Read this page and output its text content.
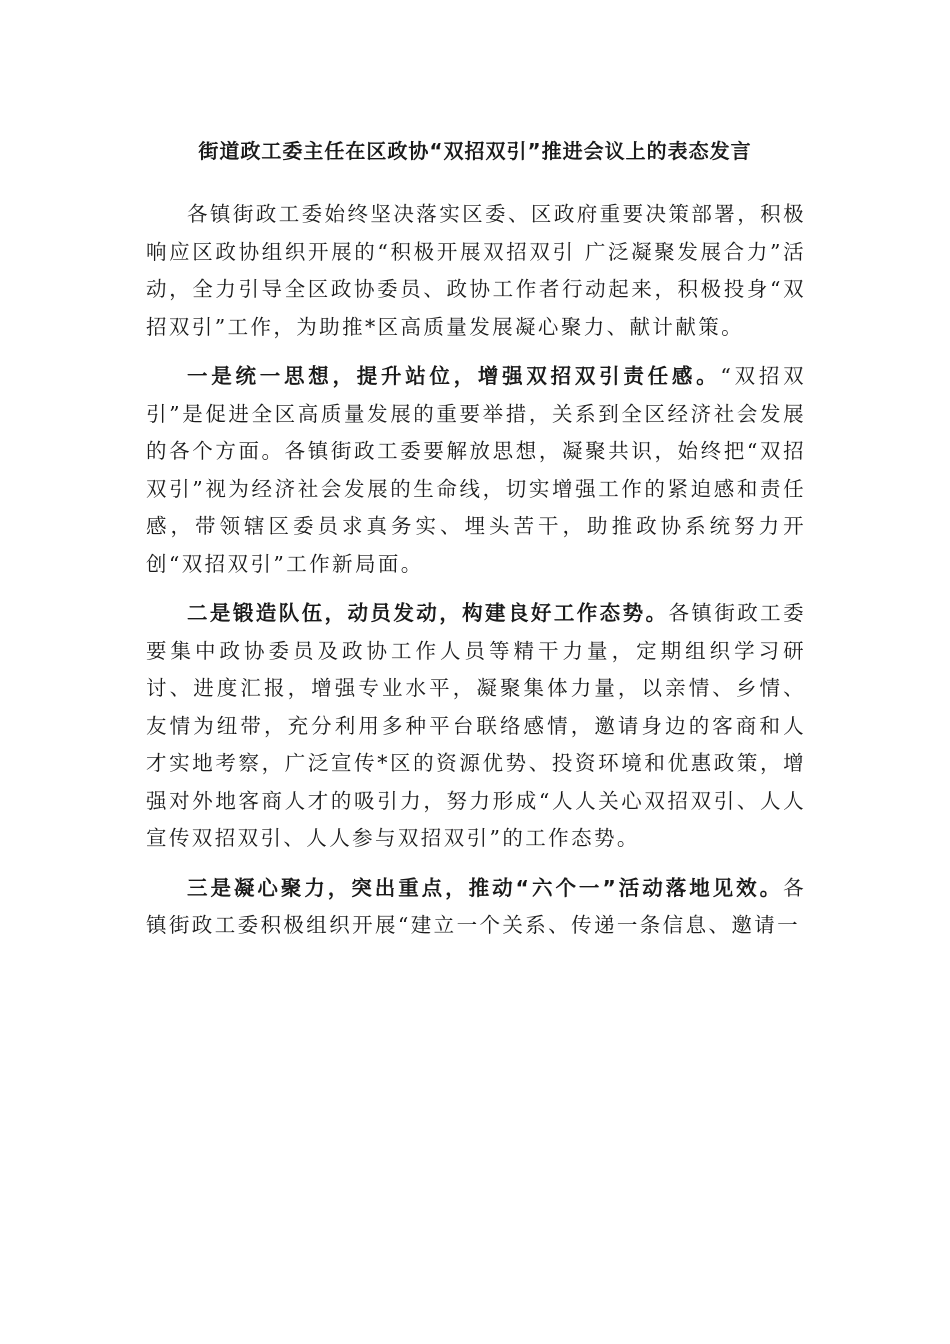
街道政工委主任在区政协“双招双引”推进会议上的表态发言

各镇街政工委始终坚决落实区委、区政府重要决策部署，积极响应区政协组织开展的“积极开展双招双引 广泛凝聚发展合力”活动，全力引导全区政协委员、政协工作者行动起来，积极投身“双招双引”工作，为助推*区高质量发展凝心聚力、献计献策。

一是统一思想，提升站位，增强双招双引责任感。“双招双引”是促进全区高质量发展的重要举措，关系到全区经济社会发展的各个方面。各镇街政工委要解放思想，凝聚共识，始终把“双招双引”视为经济社会发展的生命线，切实增强工作的紧迫感和责任感，带领辖区委员求真务实、埋头苦干，助推政协系统努力开创“双招双引”工作新局面。

二是锻造队伍，动员发动，构建良好工作态势。各镇街政工委要集中政协委员及政协工作人员等精干力量，定期组织学习研讨、进度汇报，增强专业水平，凝聚集体力量，以亲情、乡情、友情为纽带，充分利用多种平台联络感情，邀请身边的客商和人才实地考察，广泛宣传*区的资源优势、投资环境和优惠政策，增强对外地客商人才的吸引力，努力形成“人人关心双招双引、人人宣传双招双引、人人参与双招双引”的工作态势。

三是凝心聚力，突出重点，推动“六个一”活动落地见效。各镇街政工委积极组织开展“建立一个关系、传递一条信息、邀请一
